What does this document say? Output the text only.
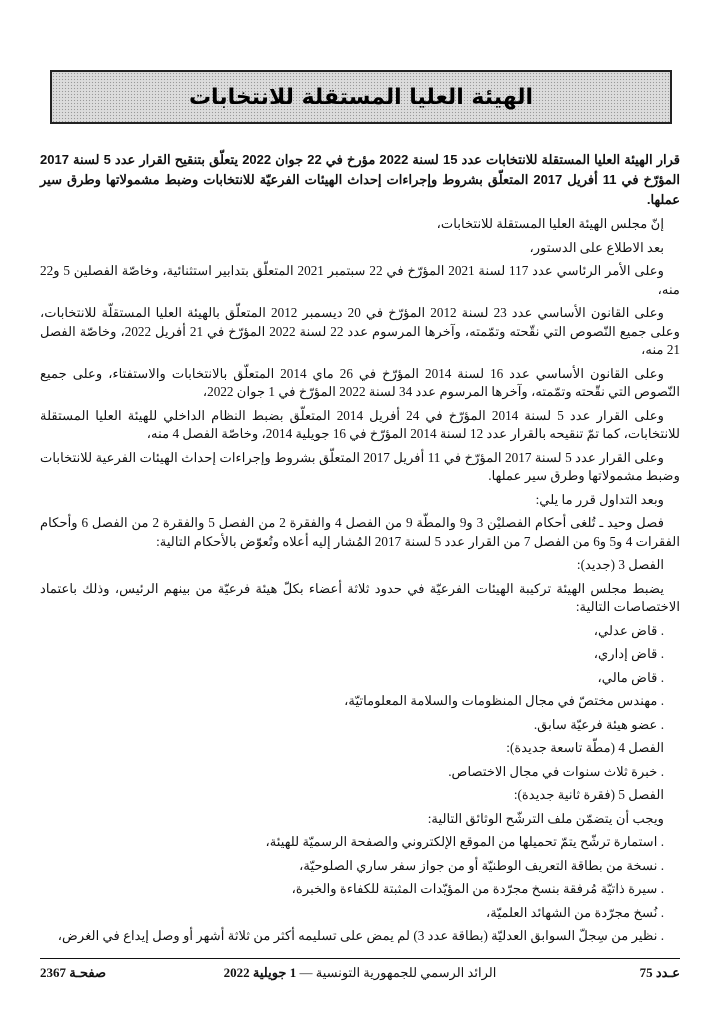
الهيئة العليا المستقلة للانتخابات

قرار الهيئة العليا المستقلة للانتخابات عدد 15 لسنة 2022 مؤرخ في 22 جوان 2022 يتعلّق بتنقيح القرار عدد 5 لسنة 2017 المؤرّخ في 11 أفريل 2017 المتعلّق بشروط وإجراءات إحداث الهيئات الفرعيّة للانتخابات وضبط مشمولاتها وطرق سير عملها.

إنّ مجلس الهيئة العليا المستقلة للانتخابات،

بعد الاطلاع على الدستور،

وعلى الأمر الرئاسي عدد 117 لسنة 2021 المؤرّخ في 22 سبتمبر 2021 المتعلّق بتدابير استثنائية، وخاصّة الفصلين 5 و22 منه،

وعلى القانون الأساسي عدد 23 لسنة 2012 المؤرّخ في 20 ديسمبر 2012 المتعلّق بالهيئة العليا المستقلّة للانتخابات، وعلى جميع النّصوص التي نقّحته وتمّمته، وآخرها المرسوم عدد 22 لسنة 2022 المؤرّخ في 21 أفريل 2022، وخاصّة الفصل 21 منه،

وعلى القانون الأساسي عدد 16 لسنة 2014 المؤرّخ في 26 ماي 2014 المتعلّق بالانتخابات والاستفتاء، وعلى جميع النّصوص التي نقّحته وتمّمته، وآخرها المرسوم عدد 34 لسنة 2022 المؤرّخ في 1 جوان 2022،

وعلى القرار عدد 5 لسنة 2014 المؤرّخ في 24 أفريل 2014 المتعلّق بضبط النظام الداخلي للهيئة العليا المستقلة للانتخابات، كما تمّ تنقيحه بالقرار عدد 12 لسنة 2014 المؤرّخ في 16 جويلية 2014، وخاصّة الفصل 4 منه،

وعلى القرار عدد 5 لسنة 2017 المؤرّخ في 11 أفريل 2017 المتعلّق بشروط وإجراءات إحداث الهيئات الفرعية للانتخابات وضبط مشمولاتها وطرق سير عملها.

وبعد التداول قرر ما يلي:

فصل وحيد ـ تُلغى أحكام الفصليْن 3 و9 والمطّة 9 من الفصل 4 والفقرة 2 من الفصل 5 والفقرة 2 من الفصل 6 وأحكام الفقرات 4 و5 و6 من الفصل 7 من القرار عدد 5 لسنة 2017 المُشار إليه أعلاه وتُعوّض بالأحكام التالية:

الفصل 3 (جديد):

يضبط مجلس الهيئة تركيبة الهيئات الفرعيّة في حدود ثلاثة أعضاء بكلّ هيئة فرعيّة من بينهم الرئيس، وذلك باعتماد الاختصاصات التالية:

. قاض عدلي،

. قاض إداري،

. قاض مالي،

. مهندس مختصّ في مجال المنظومات والسلامة المعلوماتيّة،

. عضو هيئة فرعيّة سابق.

الفصل 4 (مطّة تاسعة جديدة):

. خبرة ثلاث سنوات في مجال الاختصاص.

الفصل 5 (فقرة ثانية جديدة):

ويجب أن يتضمّن ملف الترشّح الوثائق التالية:

. استمارة ترشّح يتمّ تحميلها من الموقع الإلكتروني والصفحة الرسميّة للهيئة،

. نسخة من بطاقة التعريف الوطنيّة أو من جواز سفر ساري الصلوحيّة،

. سيرة ذاتيّة مُرفقة بنسخ مجرّدة من المؤيّدات المثبتة للكفاءة والخبرة،

. نُسخ مجرّدة من الشهائد العلميّة،

. نظير من سِجلّ السوابق العدليّة (بطاقة عدد 3) لم يمض على تسليمه أكثر من ثلاثة أشهر أو وصل إيداع في الغرض،

عـدد 75
الرائد الرسمي للجمهورية التونسية — 1 جويلية 2022
صفحـة 2367
